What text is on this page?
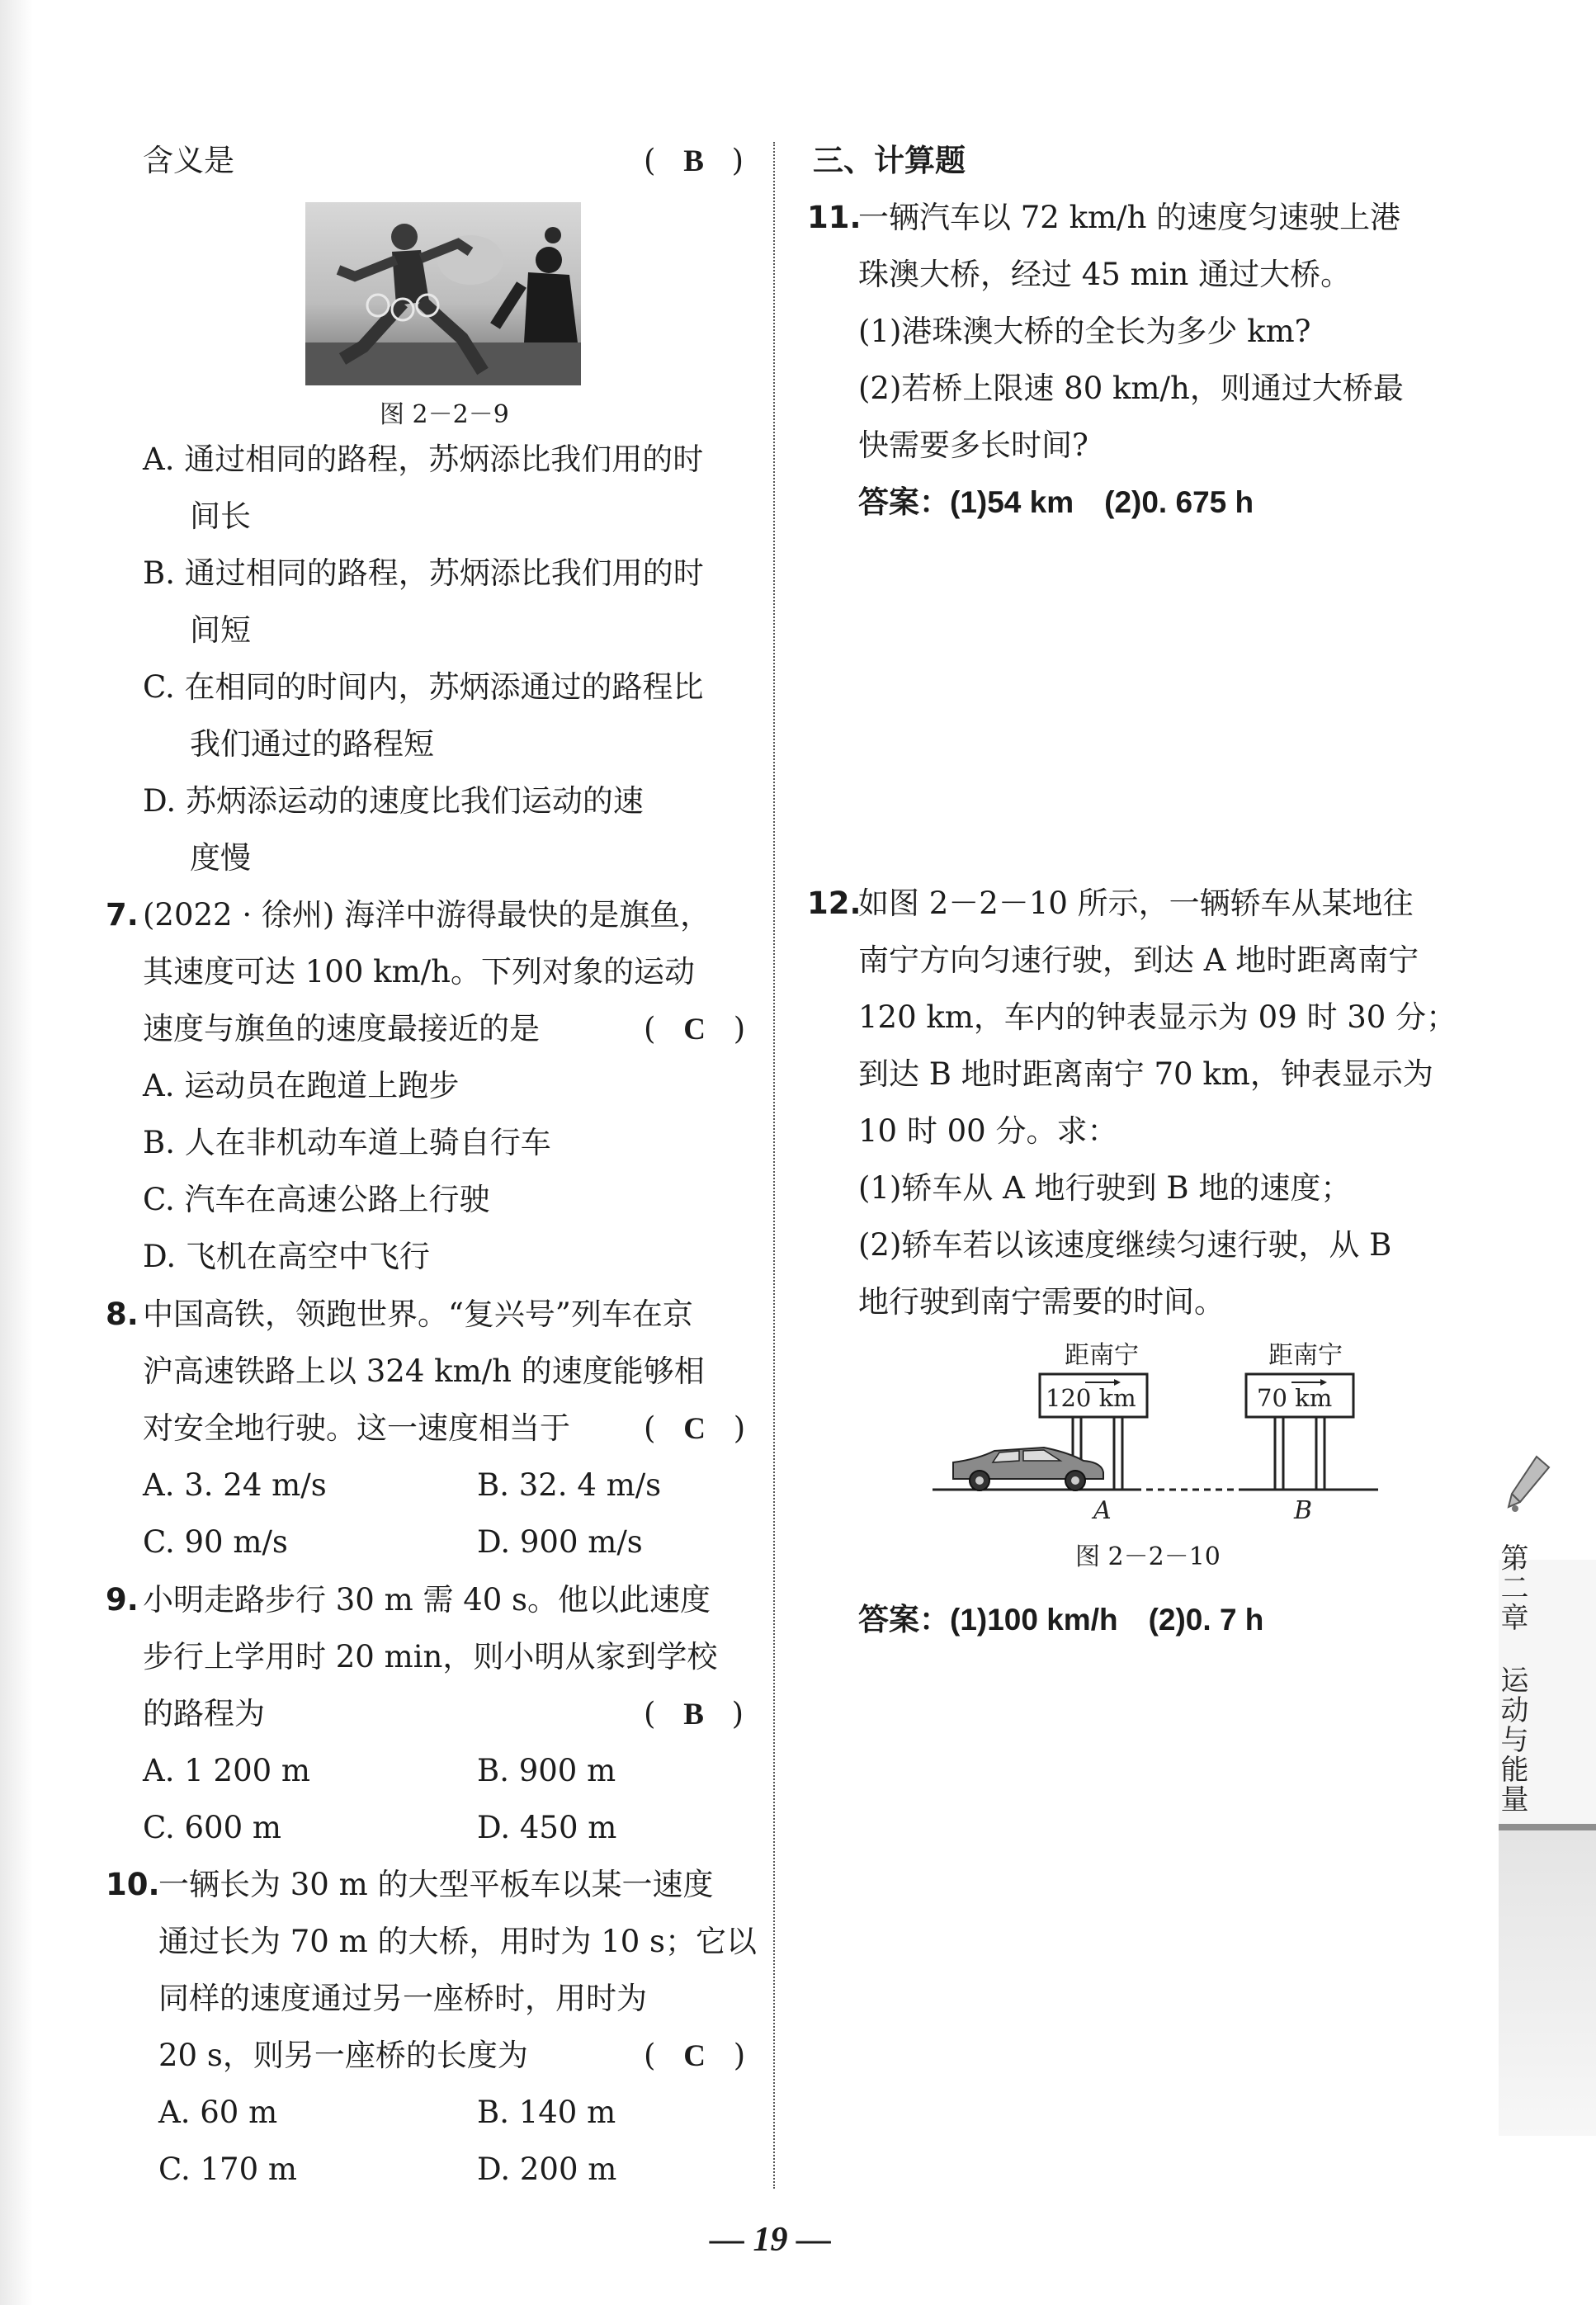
含义是	( B )
图 2－2－9
A. 通过相同的路程，苏炳添比我们用的时
间长
B. 通过相同的路程，苏炳添比我们用的时
间短
C. 在相同的时间内，苏炳添通过的路程比
我们通过的路程短
D. 苏炳添运动的速度比我们运动的速
度慢
7. (2022 · 徐州) 海洋中游得最快的是旗鱼，
其速度可达 100 km/h。下列对象的运动
速度与旗鱼的速度最接近的是	( C )
A. 运动员在跑道上跑步
B. 人在非机动车道上骑自行车
C. 汽车在高速公路上行驶
D. 飞机在高空中飞行
8. 中国高铁，领跑世界。“复兴号”列车在京
沪高速铁路上以 324 km/h 的速度能够相
对安全地行驶。这一速度相当于 ( C )
A. 3. 24 m/s	B. 32. 4 m/s
C. 90 m/s	D. 900 m/s
9. 小明走路步行 30 m 需 40 s。他以此速度
步行上学用时 20 min，则小明从家到学校
的路程为	( B )
A. 1 200 m	B. 900 m
C. 600 m	D. 450 m
10.
一辆长为 30 m 的大型平板车以某一速度
通过长为 70 m 的大桥，用时为 10 s；它以
同样的速度通过另一座桥时，用时为
20 s，则另一座桥的长度为	( C )
A. 60 m	B. 140 m
C. 170 m	D. 200 m
三、计算题
11.
一辆汽车以 72 km/h 的速度匀速驶上港
珠澳大桥，经过 45 min 通过大桥。
(1)港珠澳大桥的全长为多少 km?
(2)若桥上限速 80 km/h，则通过大桥最
快需要多长时间?
答案：(1)54 km　(2)0. 675 h
12.
如图 2－2－10 所示，一辆轿车从某地往
南宁方向匀速行驶，到达 A 地时距离南宁
120 km，车内的钟表显示为 09 时 30 分；
到达 B 地时距离南宁 70 km，钟表显示为
10 时 00 分。求：
(1)轿车从 A 地行驶到 B 地的速度；
(2)轿车若以该速度继续匀速行驶，从 B
地行驶到南宁需要的时间。
距南宁
120 km
距南宁
70 km
A	B
图 2－2－10
答案：(1)100 km/h　(2)0. 7 h	第二章
运动与能量
— 19 —
